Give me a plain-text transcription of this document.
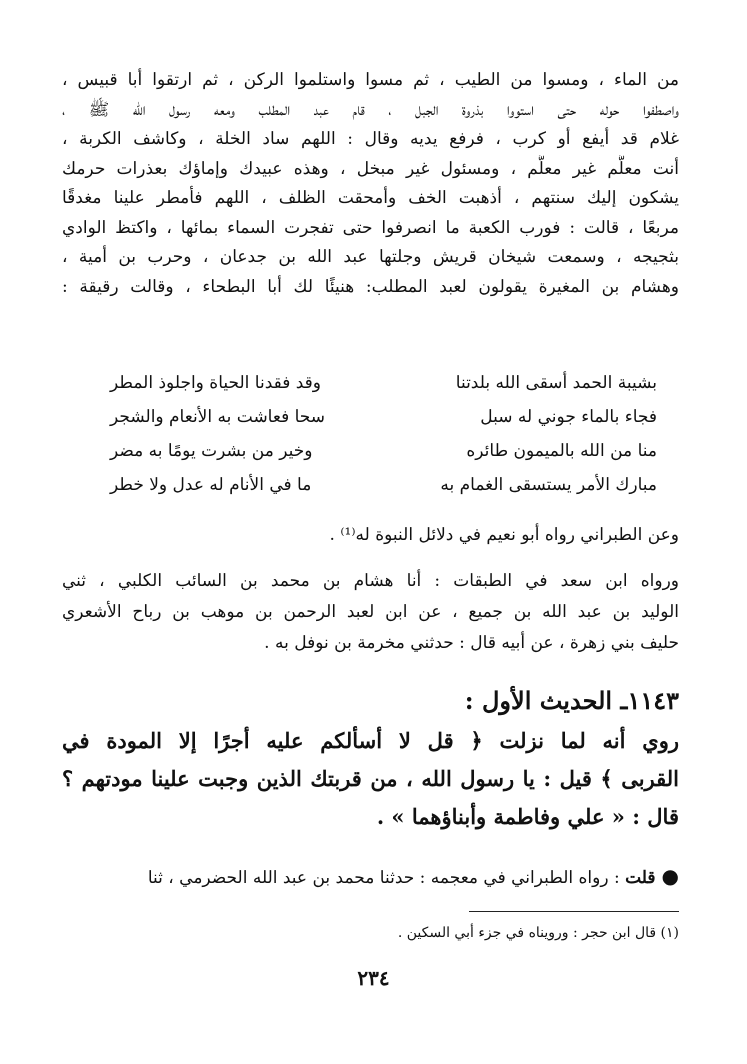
من الماء ، ومسوا من الطيب ، ثم مسوا واستلموا الركن ، ثم ارتقوا أبا قبيس ،
واصطفوا حوله حتى استووا بذروة الجبل ، قام عبد المطلب ومعه رسول الله ﷺ ،
غلام قد أيفع أو كرب ، فرفع يديه وقال : اللهم ساد الخلة ، وكاشف الكربة ،
أنت معلَّم غير معلَّم ، ومسئول غير مبخل ، وهذه عبيدك وإماؤك بعذرات حرمك
يشكون إليك سنتهم ، أذهبت الخف وأمحقت الظلف ، اللهم فأمطر علينا مغدقًا
مربعًا ، قالت : فورب الكعبة ما انصرفوا حتى تفجرت السماء بمائها ، واكتظ الوادي
بثجيجه ، وسمعت شيخان قريش وجلتها عبد الله بن جدعان ، وحرب بن أمية ،
وهشام بن المغيرة يقولون لعبد المطلب: هنيئًا لك أبا البطحاء ، وقالت رقيقة :
بشيبة الحمد أسقى الله بلدتنا
وقد فقدنا الحياة واجلوذ المطر
فجاء بالماء جوني له سبل
سحا فعاشت به الأنعام والشجر
منا من الله بالميمون طائره
وخير من بشرت يومًا به مضر
مبارك الأمر يستسقى الغمام به
ما في الأنام له عدل ولا خطر
وعن الطبراني رواه أبو نعيم في دلائل النبوة له⁽¹⁾ .
ورواه ابن سعد في الطبقات : أنا هشام بن محمد بن السائب الكلبي ، ثني
الوليد بن عبد الله بن جميع ، عن ابن لعبد الرحمن بن موهب بن رباح الأشعري
حليف بني زهرة ، عن أبيه قال : حدثني مخرمة بن نوفل به .
١١٤٣ـ الحديث الأول :
روي أنه لما نزلت ﴿ قل لا أسألكم عليه أجرًا إلا المودة في
القربى ﴾ قيل : يا رسول الله ، من قربتك الذين وجبت علينا مودتهم ؟
قال : « علي وفاطمة وأبناؤهما » .
●قلت : رواه الطبراني في معجمه : حدثنا محمد بن عبد الله الحضرمي ، ثنا
(١) قال ابن حجر : ورويناه في جزء أبي السكين .
٢٣٤
